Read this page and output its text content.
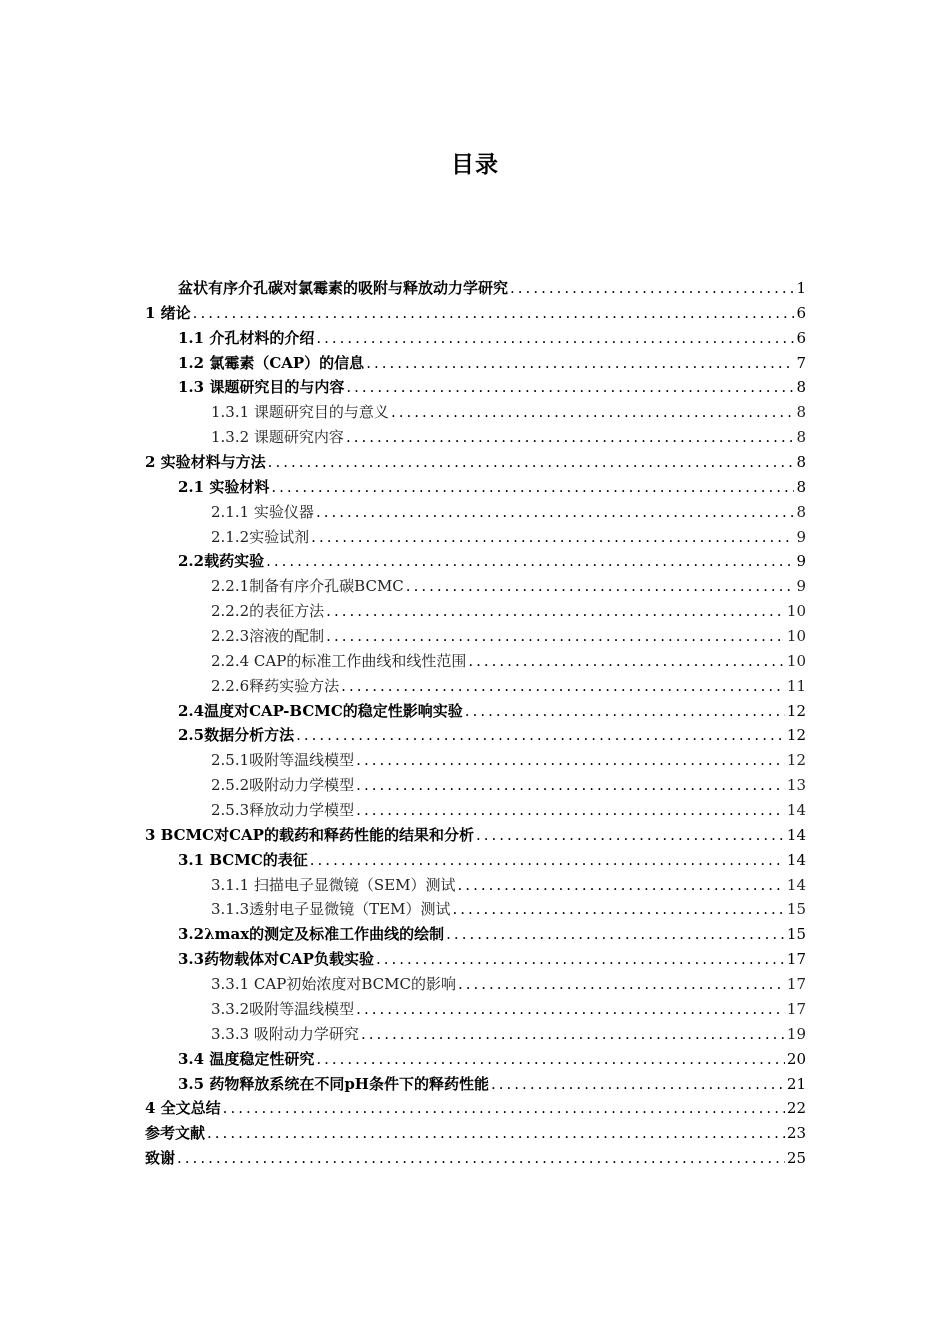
目录
盆状有序介孔碳对氯霉素的吸附与释放动力学研究 .....	1
1 绪论 .....	6
1.1 介孔材料的介绍 .....	6
1.2 氯霉素（CAP）的信息 .....	7
1.3 课题研究目的与内容 .....	8
1.3.1 课题研究目的与意义 .....	8
1.3.2 课题研究内容 .....	8
2 实验材料与方法 .....	8
2.1 实验材料 .....	8
2.1.1 实验仪器 .....	8
2.1.2实验试剂 .....	9
2.2载药实验 .....	9
2.2.1制备有序介孔碳BCMC .....	9
2.2.2的表征方法 .....	10
2.2.3溶液的配制 .....	10
2.2.4 CAP的标准工作曲线和线性范围 .....	10
2.2.6释药实验方法 .....	11
2.4温度对CAP-BCMC的稳定性影响实验 .....	12
2.5数据分析方法 .....	12
2.5.1吸附等温线模型 .....	12
2.5.2吸附动力学模型 .....	13
2.5.3释放动力学模型 .....	14
3 BCMC对CAP的载药和释药性能的结果和分析 .....	14
3.1 BCMC的表征 .....	14
3.1.1 扫描电子显微镜（SEM）测试 .....	14
3.1.3透射电子显微镜（TEM）测试 .....	15
3.2λmax的测定及标准工作曲线的绘制 .....	15
3.3药物载体对CAP负载实验 .....	17
3.3.1 CAP初始浓度对BCMC的影响 .....	17
3.3.2吸附等温线模型 .....	17
3.3.3 吸附动力学研究 .....	19
3.4 温度稳定性研究 .....	20
3.5 药物释放系统在不同pH条件下的释药性能 .....	21
4 全文总结 .....	22
参考文献 .....	23
致谢 .....	25
